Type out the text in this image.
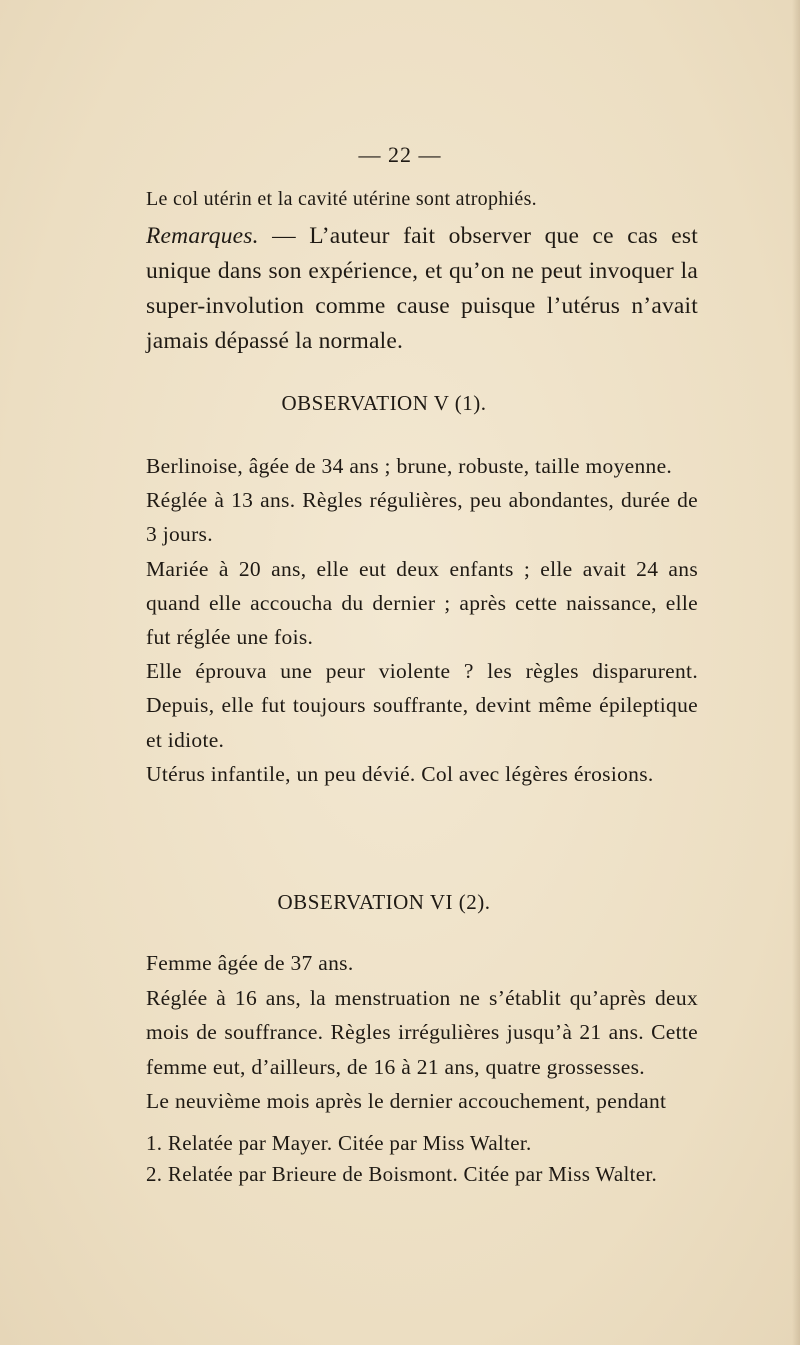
— 22 —

Le col utérin et la cavité utérine sont atrophiés.

Remarques. — L’auteur fait observer que ce cas est unique dans son expérience, et qu’on ne peut invoquer la super-involution comme cause puisque l’utérus n’avait jamais dépassé la normale.

OBSERVATION V (1).

Berlinoise, âgée de 34 ans ; brune, robuste, taille moyenne.

Réglée à 13 ans. Règles régulières, peu abondantes, durée de 3 jours.

Mariée à 20 ans, elle eut deux enfants ; elle avait 24 ans quand elle accoucha du dernier ; après cette naissance, elle fut réglée une fois.

Elle éprouva une peur violente ? les règles disparurent. Depuis, elle fut toujours souffrante, devint même épileptique et idiote.

Utérus infantile, un peu dévié. Col avec légères érosions.

OBSERVATION VI (2).

Femme âgée de 37 ans.

Réglée à 16 ans, la menstruation ne s’établit qu’après deux mois de souffrance. Règles irrégulières jusqu’à 21 ans. Cette femme eut, d’ailleurs, de 16 à 21 ans, quatre grossesses.

Le neuvième mois après le dernier accouchement, pendant

1. Relatée par Mayer. Citée par Miss Walter.

2. Relatée par Brieure de Boismont. Citée par Miss Walter.
